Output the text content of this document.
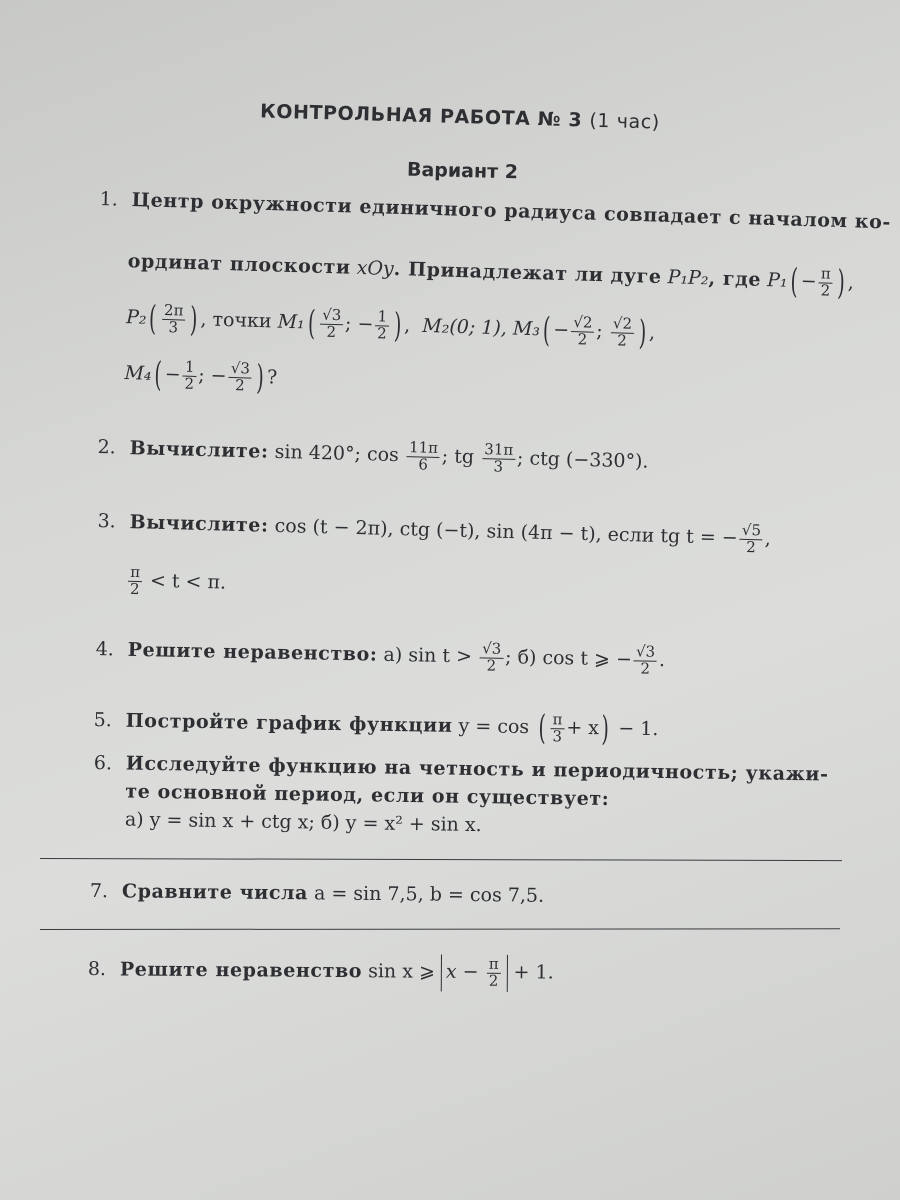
КОНТРОЛЬНАЯ РАБОТА № 3 (1 час)
Вариант 2
1. Центр окружности единичного радиуса совпадает с началом ко-
ординат плоскости xOy. Принадлежат ли дуге P₁P₂, где $P_1( - \frac{\pi}{2}$ ) ,
$P_2( \frac{2\pi}{3}$ ) , точки $M_1( \frac{√3}{2}$ ; − $\frac{1}{2}$ ) ,  M₂(0; 1), $M_3( - \frac{√2}{2}$ ; $\frac{√2}{2}$ ) ,
$M_4( - \frac{1}{2}$ ; − $\frac{√3}{2}$ ) ?
2. Вычислите: sin 420°; $\cos \frac{11\pi}{6}$ ; tg $\frac{31\pi}{3}$ ; ctg (−330°).
3. Вычислите: cos (t − 2π), ctg (−t), sin (4π − t), если tg t = − $\frac{√5}{2}$ ,
$\frac{\pi}{2} < t < \pi$.
4. Решите неравенство: а) $\sin t > \frac{√3}{2}$ ; б) cos t ⩾ − $\frac{√3}{2}$ .
5. Постройте график функции y = cos ( $\frac{\pi}{3} + x) - 1$.
6. Исследуйте функцию на четность и периодичность; укажи-
те основной период, если он существует:
а) y = sin x + ctg x; б) y = x² + sin x.
7. Сравните числа a = sin 7,5, b = cos 7,5.
8. Решите неравенство sin x ⩾ $x - \frac{\pi}{2} + 1$.
